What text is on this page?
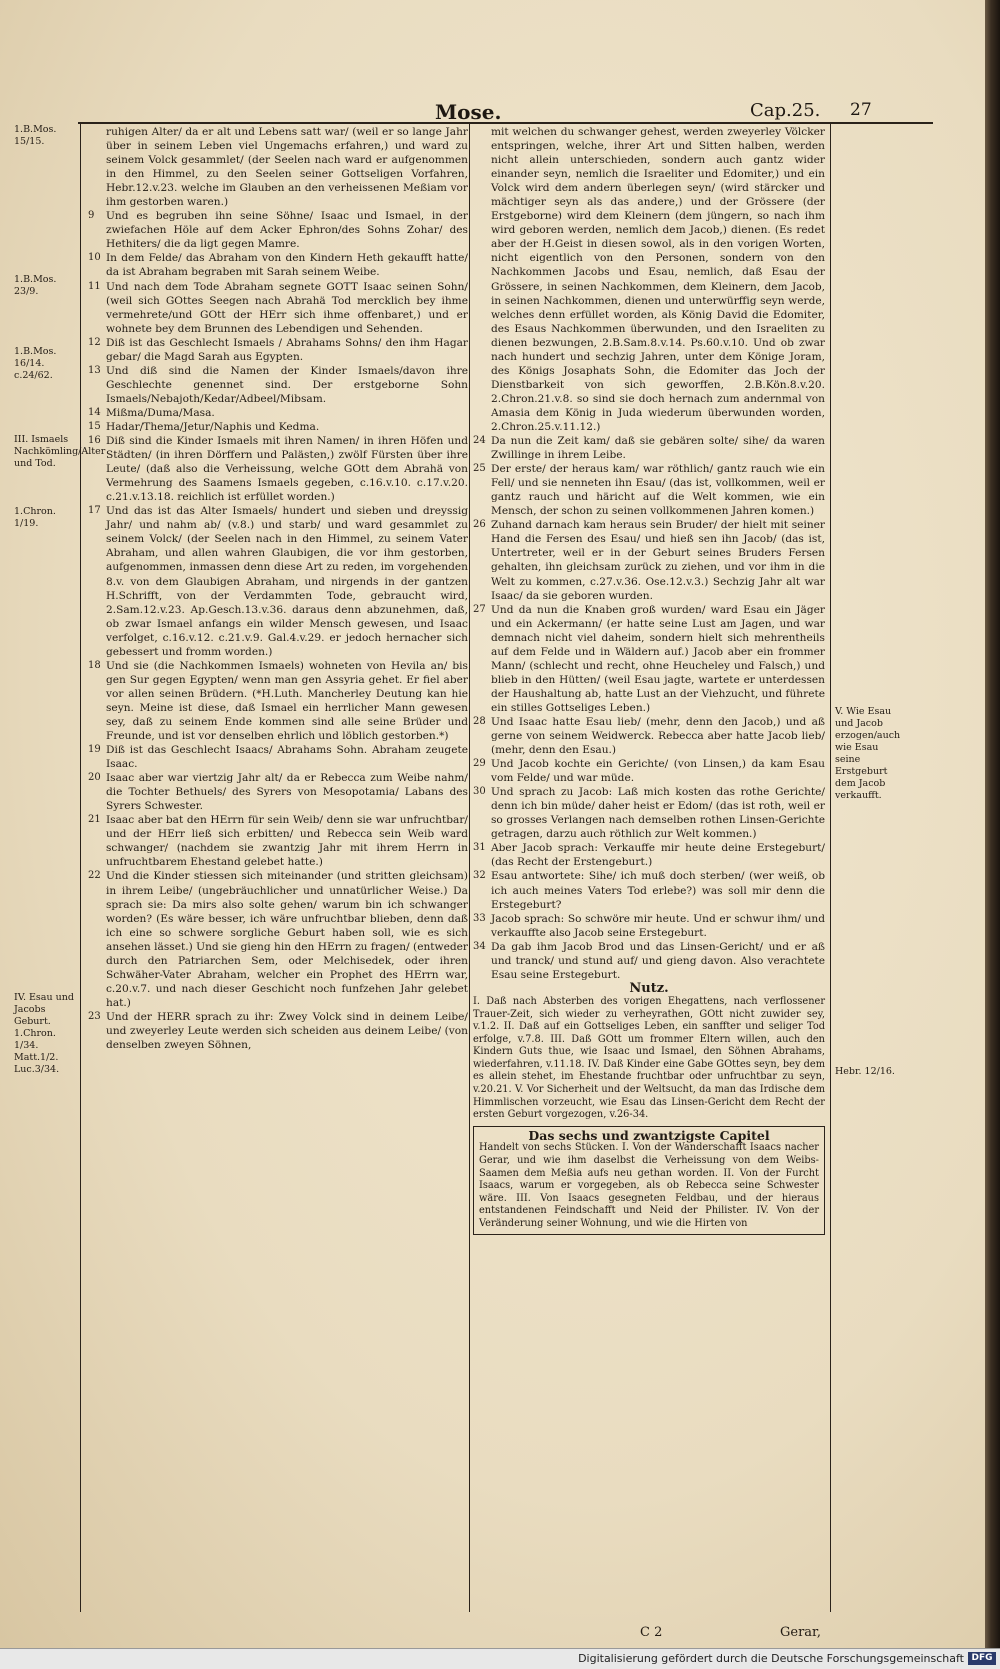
Mose.	Cap.25. 27
1.B.Mos. 15/15.
1.B.Mos. 23/9.
1.B.Mos. 16/14. c.24/62.
III. Ismaels Nachkömling/Alter und Tod.
1.Chron. 1/19.
IV. Esau und Jacobs Geburt. 1.Chron. 1/34. Matt.1/2. Luc.3/34.
V. Wie Esau und Jacob erzogen/auch wie Esau seine Erstgeburt dem Jacob verkaufft.
Hebr. 12/16.
ruhigen Alter/ da er alt und Lebens satt war/ (weil er so lange Jahr über in seinem Leben viel Ungemachs erfahren,) und ward zu seinem Volck gesammlet/ (der Seelen nach ward er aufgenommen in den Himmel, zu den Seelen seiner Gottseligen Vorfahren, Hebr.12.v.23. welche im Glauben an den verheissenen Meßiam vor ihm gestorben waren.)
9	Und es begruben ihn seine Söhne/ Isaac und Ismael, in der zwiefachen Höle auf dem Acker Ephron/des Sohns Zohar/ des Hethiters/ die da ligt gegen Mamre.
10 In dem Felde/ das Abraham von den Kindern Heth gekaufft hatte/ da ist Abraham begraben mit Sarah seinem Weibe.
11 Und nach dem Tode Abraham segnete GOTT Isaac seinen Sohn/ (weil sich GOttes Seegen nach Abrahä Tod mercklich bey ihme vermehrete/und GOtt der HErr sich ihme offenbaret,) und er wohnete bey dem Brunnen des Lebendigen und Sehenden.
12 Diß ist das Geschlecht Ismaels / Abrahams Sohns/ den ihm Hagar gebar/ die Magd Sarah aus Egypten.
13 Und diß sind die Namen der Kinder Ismaels/davon ihre Geschlechte genennet sind. Der erstgeborne Sohn Ismaels/Nebajoth/Kedar/Adbeel/Mibsam.
14 Mißma/Duma/Masa.
15 Hadar/Thema/Jetur/Naphis und Kedma.
16 Diß sind die Kinder Ismaels mit ihren Namen/ in ihren Höfen und Städten/ (in ihren Dörffern und Palästen,) zwölf Fürsten über ihre Leute/ (daß also die Verheissung, welche GOtt dem Abrahä von Vermehrung des Saamens Ismaels gegeben, c.16.v.10. c.17.v.20. c.21.v.13.18. reichlich ist erfüllet worden.)
17 Und das ist das Alter Ismaels/ hundert und sieben und dreyssig Jahr/ und nahm ab/ (v.8.) und starb/ und ward gesammlet zu seinem Volck/ (der Seelen nach in den Himmel, zu seinem Vater Abraham, und allen wahren Glaubigen, die vor ihm gestorben, aufgenommen, inmassen denn diese Art zu reden, im vorgehenden 8.v. von dem Glaubigen Abraham, und nirgends in der gantzen H.Schrifft, von der Verdammten Tode, gebraucht wird, 2.Sam.12.v.23. Ap.Gesch.13.v.36. daraus denn abzunehmen, daß, ob zwar Ismael anfangs ein wilder Mensch gewesen, und Isaac verfolget, c.16.v.12. c.21.v.9. Gal.4.v.29. er jedoch hernacher sich gebessert und fromm worden.)
18 Und sie (die Nachkommen Ismaels) wohneten von Hevila an/ bis gen Sur gegen Egypten/ wenn man gen Assyria gehet. Er fiel aber vor allen seinen Brüdern. (*H.Luth. Mancherley Deutung kan hie seyn. Meine ist diese, daß Ismael ein herrlicher Mann gewesen sey, daß zu seinem Ende kommen sind alle seine Brüder und Freunde, und ist vor denselben ehrlich und löblich gestorben.*)
19 Diß ist das Geschlecht Isaacs/ Abrahams Sohn. Abraham zeugete Isaac.
20 Isaac aber war viertzig Jahr alt/ da er Rebecca zum Weibe nahm/ die Tochter Bethuels/ des Syrers von Mesopotamia/ Labans des Syrers Schwester.
21 Isaac aber bat den HErrn für sein Weib/ denn sie war unfruchtbar/ und der HErr ließ sich erbitten/ und Rebecca sein Weib ward schwanger/ (nachdem sie zwantzig Jahr mit ihrem Herrn in unfruchtbarem Ehestand gelebet hatte.)
22 Und die Kinder stiessen sich miteinander (und stritten gleichsam) in ihrem Leibe/ (ungebräuchlicher und unnatürlicher Weise.) Da sprach sie: Da mirs also solte gehen/ warum bin ich schwanger worden? (Es wäre besser, ich wäre unfruchtbar blieben, denn daß ich eine so schwere sorgliche Geburt haben soll, wie es sich ansehen lässet.) Und sie gieng hin den HErrn zu fragen/ (entweder durch den Patriarchen Sem, oder Melchisedek, oder ihren Schwäher-Vater Abraham, welcher ein Prophet des HErrn war, c.20.v.7. und nach dieser Geschicht noch funfzehen Jahr gelebet hat.)
23 Und der HERR sprach zu ihr: Zwey Volck sind in deinem Leibe/ und zweyerley Leute werden sich scheiden aus deinem Leibe/ (von denselben zweyen Söhnen,
mit welchen du schwanger gehest, werden zweyerley Völcker entspringen, welche, ihrer Art und Sitten halben, werden nicht allein unterschieden, sondern auch gantz wider einander seyn, nemlich die Israeliter und Edomiter,) und ein Volck wird dem andern überlegen seyn/ (wird stärcker und mächtiger seyn als das andere,) und der Grössere (der Erstgeborne) wird dem Kleinern (dem jüngern, so nach ihm wird geboren werden, nemlich dem Jacob,) dienen. (Es redet aber der H.Geist in diesen sowol, als in den vorigen Worten, nicht eigentlich von den Personen, sondern von den Nachkommen Jacobs und Esau, nemlich, daß Esau der Grössere, in seinen Nachkommen, dem Kleinern, dem Jacob, in seinen Nachkommen, dienen und unterwürffig seyn werde, welches denn erfüllet worden, als König David die Edomiter, des Esaus Nachkommen überwunden, und den Israeliten zu dienen bezwungen, 2.B.Sam.8.v.14. Ps.60.v.10. Und ob zwar nach hundert und sechzig Jahren, unter dem Könige Joram, des Königs Josaphats Sohn, die Edomiter das Joch der Dienstbarkeit von sich geworffen, 2.B.Kön.8.v.20. 2.Chron.21.v.8. so sind sie doch hernach zum andernmal von Amasia dem König in Juda wiederum überwunden worden, 2.Chron.25.v.11.12.)
24 Da nun die Zeit kam/ daß sie gebären solte/ sihe/ da waren Zwillinge in ihrem Leibe.
25 Der erste/ der heraus kam/ war röthlich/ gantz rauch wie ein Fell/ und sie nenneten ihn Esau/ (das ist, vollkommen, weil er gantz rauch und häricht auf die Welt kommen, wie ein Mensch, der schon zu seinen vollkommenen Jahren komen.)
26 Zuhand darnach kam heraus sein Bruder/ der hielt mit seiner Hand die Fersen des Esau/ und hieß sen ihn Jacob/ (das ist, Untertreter, weil er in der Geburt seines Bruders Fersen gehalten, ihn gleichsam zurück zu ziehen, und vor ihm in die Welt zu kommen, c.27.v.36. Ose.12.v.3.) Sechzig Jahr alt war Isaac/ da sie geboren wurden.
27 Und da nun die Knaben groß wurden/ ward Esau ein Jäger und ein Ackermann/ (er hatte seine Lust am Jagen, und war demnach nicht viel daheim, sondern hielt sich mehrentheils auf dem Felde und in Wäldern auf.) Jacob aber ein frommer Mann/ (schlecht und recht, ohne Heucheley und Falsch,) und blieb in den Hütten/ (weil Esau jagte, wartete er unterdessen der Haushaltung ab, hatte Lust an der Viehzucht, und führete ein stilles Gottseliges Leben.)
28 Und Isaac hatte Esau lieb/ (mehr, denn den Jacob,) und aß gerne von seinem Weidwerck. Rebecca aber hatte Jacob lieb/ (mehr, denn den Esau.)
29 Und Jacob kochte ein Gerichte/ (von Linsen,) da kam Esau vom Felde/ und war müde.
30 Und sprach zu Jacob: Laß mich kosten das rothe Gerichte/ denn ich bin müde/ daher heist er Edom/ (das ist roth, weil er so grosses Verlangen nach demselben rothen Linsen-Gerichte getragen, darzu auch röthlich zur Welt kommen.)
31 Aber Jacob sprach: Verkauffe mir heute deine Erstegeburt/ (das Recht der Erstengeburt.)
32 Esau antwortete: Sihe/ ich muß doch sterben/ (wer weiß, ob ich auch meines Vaters Tod erlebe?) was soll mir denn die Erstegeburt?
33 Jacob sprach: So schwöre mir heute. Und er schwur ihm/ und verkauffte also Jacob seine Erstegeburt.
34 Da gab ihm Jacob Brod und das Linsen-Gericht/ und er aß und tranck/ und stund auf/ und gieng davon. Also verachtete Esau seine Erstegeburt.
Nutz.
I. Daß nach Absterben des vorigen Ehegattens, nach verflossener Trauer-Zeit, sich wieder zu verheyrathen, GOtt nicht zuwider sey, v.1.2. II. Daß auf ein Gottseliges Leben, ein sanffter und seliger Tod erfolge, v.7.8. III. Daß GOtt um frommer Eltern willen, auch den Kindern Guts thue, wie Isaac und Ismael, den Söhnen Abrahams, wiederfahren, v.11.18. IV. Daß Kinder eine Gabe GOttes seyn, bey dem es allein stehet, im Ehestande fruchtbar oder unfruchtbar zu seyn, v.20.21. V. Vor Sicherheit und der Weltsucht, da man das Irdische dem Himmlischen vorzeucht, wie Esau das Linsen-Gericht dem Recht der ersten Geburt vorgezogen, v.26-34.
Das sechs und zwantzigste Capitel
Handelt von sechs Stücken. I. Von der Wanderschafft Isaacs nacher Gerar, und wie ihm daselbst die Verheissung von dem Weibs-Saamen dem Meßia aufs neu gethan worden. II. Von der Furcht Isaacs, warum er vorgegeben, als ob Rebecca seine Schwester wäre. III. Von Isaacs gesegneten Feldbau, und der hieraus entstandenen Feindschafft und Neid der Philister. IV. Von der Veränderung seiner Wohnung, und wie die Hirten von
C 2	Gerar,
Digitalisierung gefördert durch die Deutsche Forschungsgemeinschaft DFG
